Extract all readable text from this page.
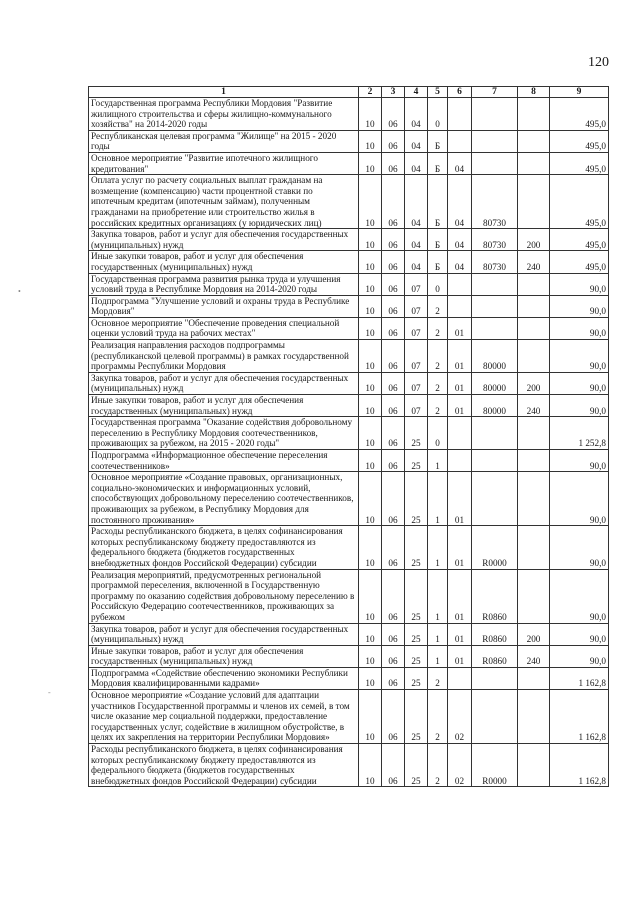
120
•
-
1	2	3	4	5	6	7	8	9
Государственная программа Республики Мордовия "Развитие жилищного строительства и сферы жилищно-коммунального хозяйства" на 2014-2020 годы	10	06	04	0				495,0
Республиканская целевая программа "Жилище" на 2015 - 2020 годы	10	06	04	Б				495,0
Основное мероприятие "Развитие ипотечного жилищного кредитования"	10	06	04	Б	04			495,0
Оплата услуг по расчету социальных выплат гражданам на возмещение (компенсацию) части процентной ставки по ипотечным кредитам (ипотечным займам), полученным гражданами на приобретение или строительство жилья в российских кредитных организациях (у юридических лиц)	10	06	04	Б	04	80730		495,0
Закупка товаров, работ и услуг для обеспечения государственных (муниципальных) нужд	10	06	04	Б	04	80730	200	495,0
Иные закупки товаров, работ и услуг для обеспечения государственных (муниципальных) нужд	10	06	04	Б	04	80730	240	495,0
Государственная программа развития рынка труда и улучшения условий труда в Республике Мордовия на 2014-2020 годы	10	06	07	0				90,0
Подпрограмма "Улучшение условий и охраны труда в Республике Мордовия"	10	06	07	2				90,0
Основное мероприятие "Обеспечение проведения специальной оценки условий труда на рабочих местах"	10	06	07	2	01			90,0
Реализация направления расходов подпрограммы (республиканской целевой программы) в рамках государственной программы Республики Мордовия	10	06	07	2	01	80000		90,0
Закупка товаров, работ и услуг для обеспечения государственных (муниципальных) нужд	10	06	07	2	01	80000	200	90,0
Иные закупки товаров, работ и услуг для обеспечения государственных (муниципальных) нужд	10	06	07	2	01	80000	240	90,0
Государственная программа "Оказание содействия добровольному переселению в Республику Мордовия соотечественников, проживающих за рубежом, на 2015 - 2020 годы"	10	06	25	0				1 252,8
Подпрограмма «Информационное обеспечение переселения соотечественников»	10	06	25	1				90,0
Основное мероприятие «Создание правовых, организационных, социально-экономических и информационных условий, способствующих добровольному переселению соотечественников, проживающих за рубежом, в Республику Мордовия для постоянного проживания»	10	06	25	1	01			90,0
Расходы республиканского бюджета, в целях софинансирования которых республиканскому бюджету предоставляются из федерального бюджета (бюджетов государственных внебюджетных фондов Российской Федерации) субсидии	10	06	25	1	01	R0000		90,0
Реализация мероприятий, предусмотренных региональной программой переселения, включенной в Государственную программу по оказанию содействия добровольному переселению в Российскую Федерацию соотечественников, проживающих за рубежом	10	06	25	1	01	R0860		90,0
Закупка товаров, работ и услуг для обеспечения государственных (муниципальных) нужд	10	06	25	1	01	R0860	200	90,0
Иные закупки товаров, работ и услуг для обеспечения государственных (муниципальных) нужд	10	06	25	1	01	R0860	240	90,0
Подпрограмма «Содействие обеспечению экономики Республики Мордовия квалифицированными кадрами»	10	06	25	2				1 162,8
Основное мероприятие «Создание условий для адаптации участников Государственной программы и членов их семей, в том числе оказание мер социальной поддержки, предоставление государственных услуг, содействие в жилищном обустройстве, в целях их закрепления на территории Республики Мордовия»	10	06	25	2	02			1 162,8
Расходы республиканского бюджета, в целях софинансирования которых республиканскому бюджету предоставляются из федерального бюджета (бюджетов государственных внебюджетных фондов Российской Федерации) субсидии	10	06	25	2	02	R0000		1 162,8
